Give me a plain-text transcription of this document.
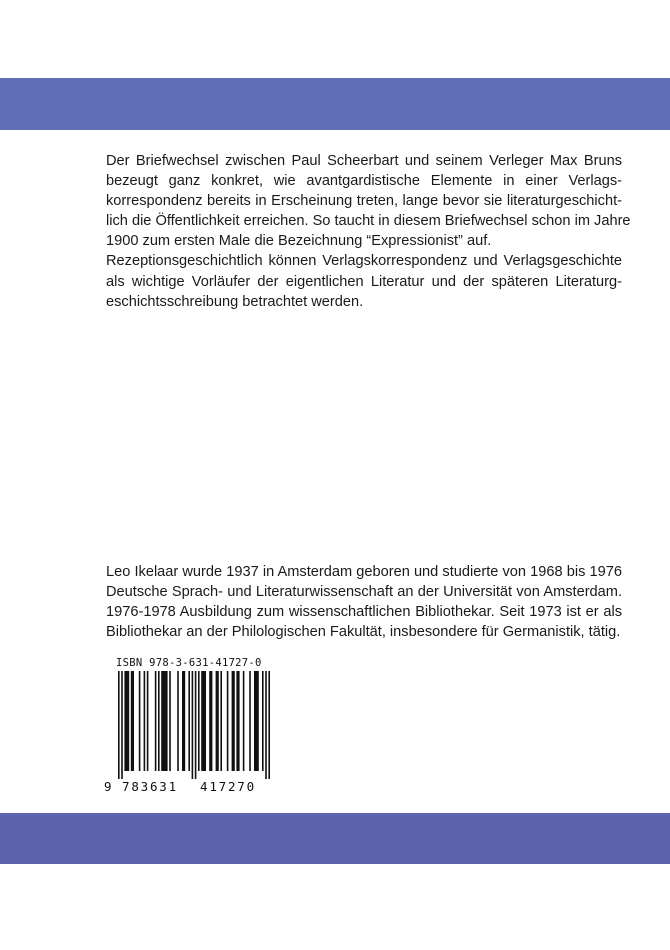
Der Briefwechsel zwischen Paul Scheerbart und seinem Verleger Max Bruns
bezeugt ganz konkret, wie avantgardistische Elemente in einer Verlags-
korrespondenz bereits in Erscheinung treten, lange bevor sie literaturgeschicht-
lich die Öffentlichkeit erreichen. So taucht in diesem Briefwechsel schon im Jahre
1900 zum ersten Male die Bezeichnung “Expressionist” auf.
Rezeptionsgeschichtlich können Verlagskorrespondenz und Verlagsgeschichte
als wichtige Vorläufer der eigentlichen Literatur und der späteren Literaturg-
eschichtsschreibung betrachtet werden.
Leo Ikelaar wurde 1937 in Amsterdam geboren und studierte von 1968 bis 1976
Deutsche Sprach- und Literaturwissenschaft an der Universität von Amsterdam.
1976-1978 Ausbildung zum wissenschaftlichen Bibliothekar. Seit 1973 ist er als
Bibliothekar an der Philologischen Fakultät, insbesondere für Germanistik, tätig.
ISBN 978-3-631-41727-0
9 783631 417270
